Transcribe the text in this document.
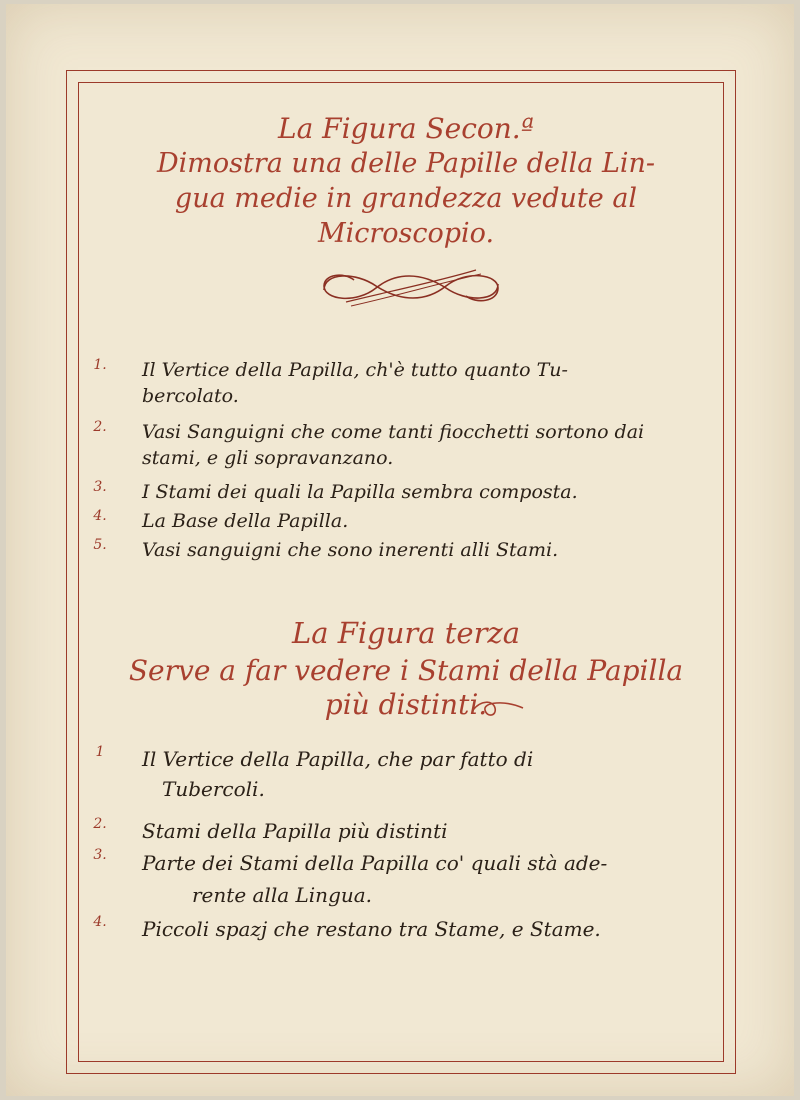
La Figura Secon.ª
Dimostra una delle Papille della Lin-
gua medie in grandezza vedute al
Microscopio.
1.	Il Vertice della Papilla, ch'è tutto quanto Tu-
bercolato.
2.	Vasi Sanguigni che come tanti fiocchetti sortono dai
stami, e gli sopravanzano.
3.	I Stami dei quali la Papilla sembra composta.
4.	La Base della Papilla.
5.	Vasi sanguigni che sono inerenti alli Stami.
La Figura terza
Serve a far vedere i Stami della Papilla
più distinti.
1	Il Vertice della Papilla, che par fatto di
Tubercoli.
2.	Stami della Papilla più distinti
3.	Parte dei Stami della Papilla co' quali stà ade-
rente alla Lingua.
4.	Piccoli spazj che restano tra Stame, e Stame.
